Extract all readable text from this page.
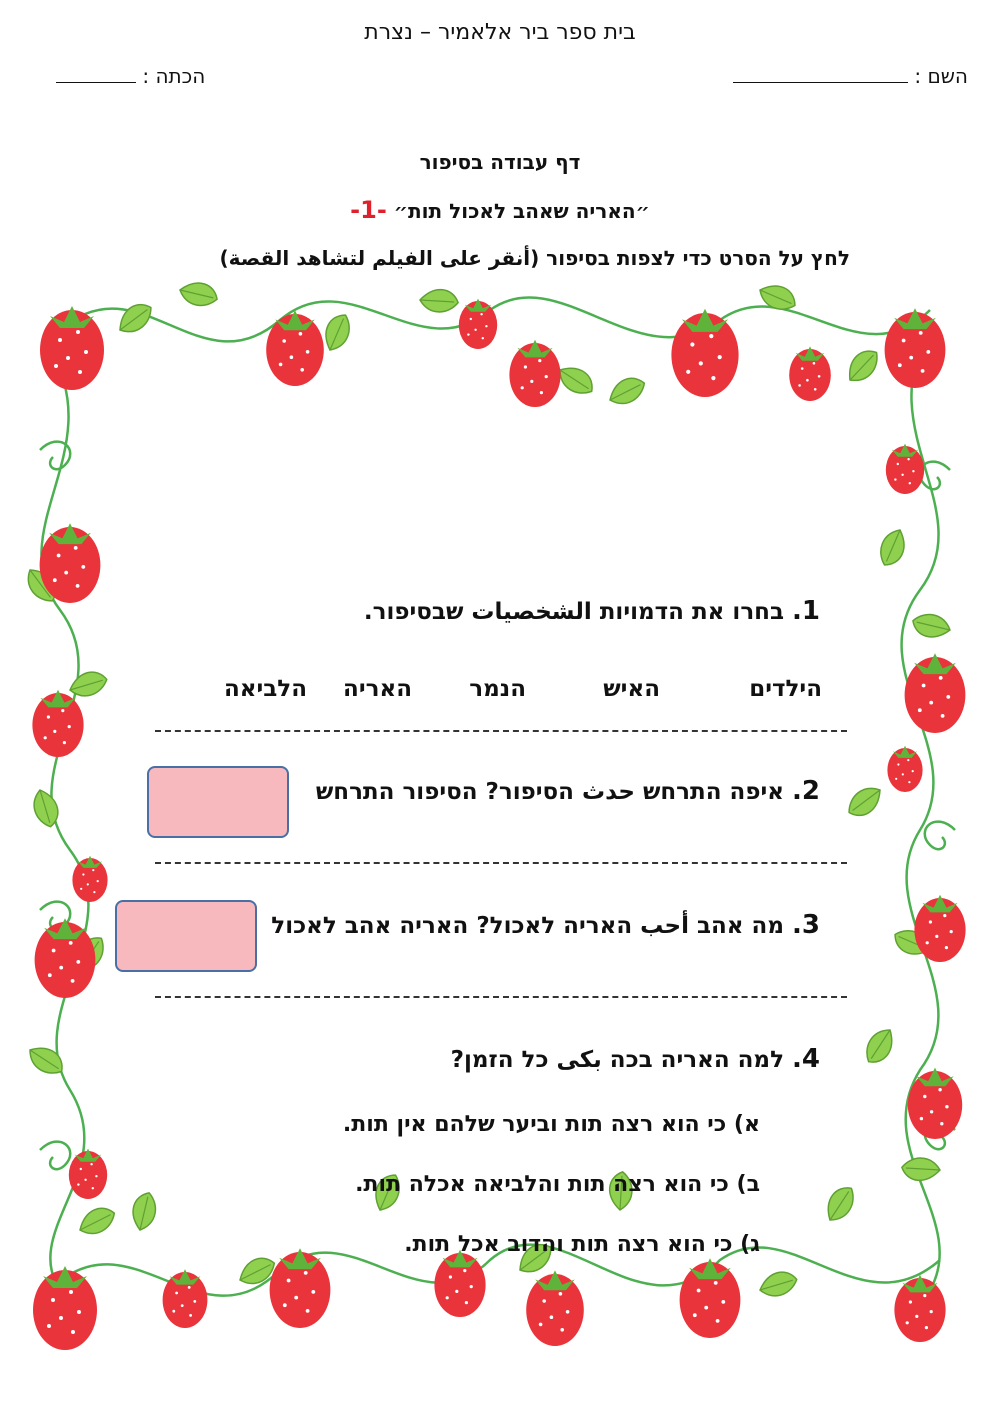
בית ספר ביר אלאמיר – נצרת
השם :
הכתה :
דף עבודה בסיפור
״האריה שאהב לאכול תות״ -1-
לחץ על הסרט כדי לצפות בסיפור (أنقر على الفيلم لتشاهد القصة)
1. בחרו את הדמויות الشخصيات שבסיפור.
הילדים
האיש
הנמר
האריה
הלביאה
2. איפה התרחש حدث הסיפור? הסיפור התרחש
3. מה אהב أحب האריה לאכול? האריה אהב לאכול
4. למה האריה בכה بكى כל הזמן?
א) כי הוא רצה תות וביער שלהם אין תות.
ב) כי הוא רצה תות והלביאה אכלה תות.
ג) כי הוא רצה תות והדוב אכל תות.
